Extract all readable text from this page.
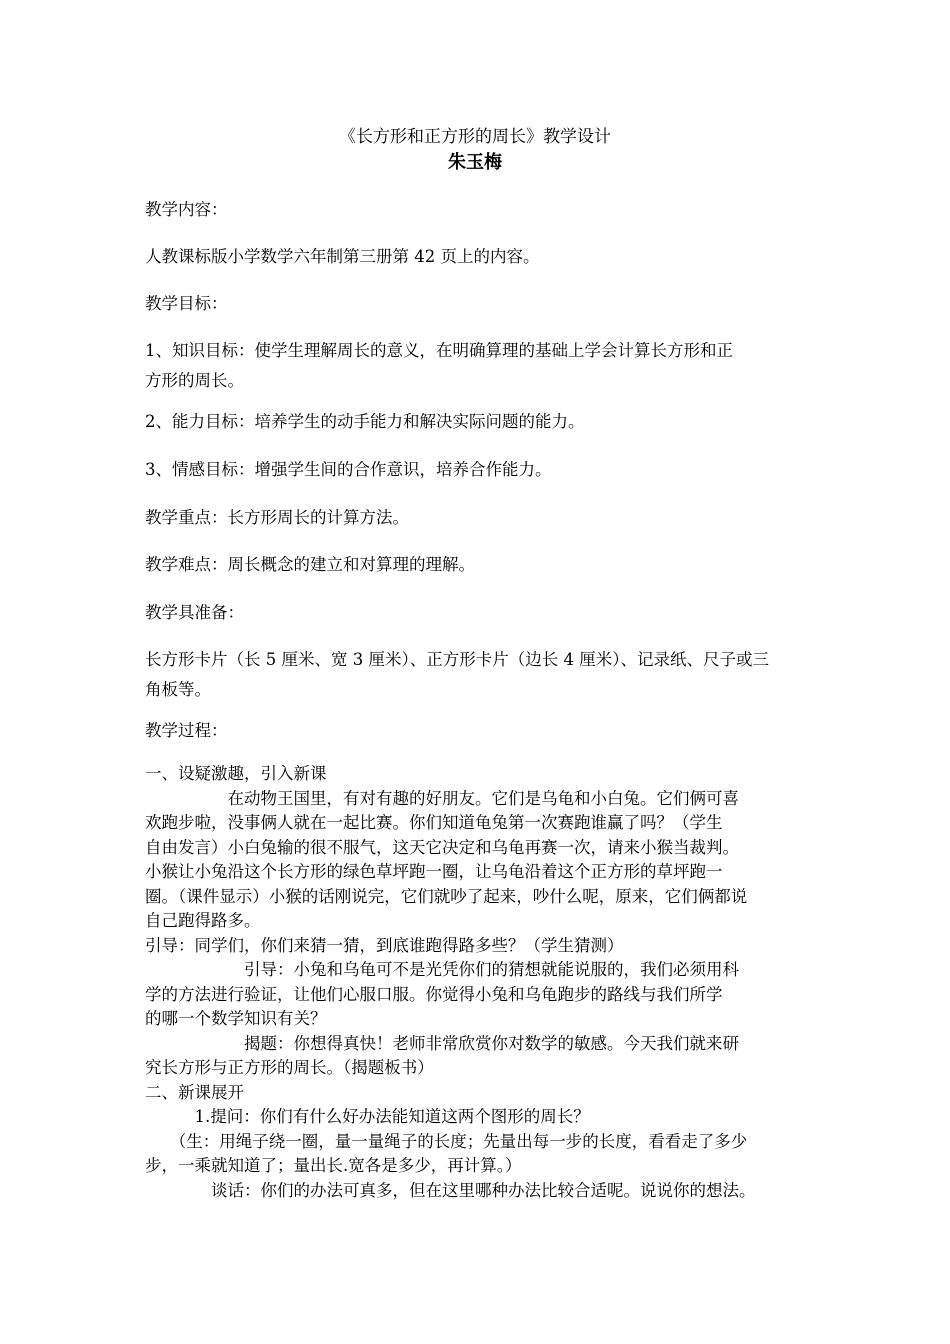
《长方形和正方形的周长》教学设计
朱玉梅
教学内容：
人教课标版小学数学六年制第三册第 42 页上的内容。
教学目标：
1、知识目标：使学生理解周长的意义，在明确算理的基础上学会计算长方形和正
方形的周长。
2、能力目标：培养学生的动手能力和解决实际问题的能力。
3、情感目标：增强学生间的合作意识，培养合作能力。
教学重点：长方形周长的计算方法。
教学难点：周长概念的建立和对算理的理解。
教学具准备：
长方形卡片（长 5 厘米、宽 3 厘米）、正方形卡片（边长 4 厘米）、记录纸、尺子或三
角板等。
教学过程：
一、设疑激趣，引入新课
　　　　　在动物王国里，有对有趣的好朋友。它们是乌龟和小白兔。它们俩可喜
欢跑步啦，没事俩人就在一起比赛。你们知道龟兔第一次赛跑谁赢了吗？（学生
自由发言）小白兔输的很不服气，这天它决定和乌龟再赛一次，请来小猴当裁判。
小猴让小兔沿这个长方形的绿色草坪跑一圈，让乌龟沿着这个正方形的草坪跑一
圈。（课件显示）小猴的话刚说完，它们就吵了起来，吵什么呢，原来，它们俩都说
自己跑得路多。
引导：同学们，你们来猜一猜，到底谁跑得路多些？（学生猜测）
　　　　　　引导：小兔和乌龟可不是光凭你们的猜想就能说服的，我们必须用科
学的方法进行验证，让他们心服口服。你觉得小兔和乌龟跑步的路线与我们所学
的哪一个数学知识有关？
　　　　　　揭题：你想得真快！老师非常欣赏你对数学的敏感。今天我们就来研
究长方形与正方形的周长。（揭题板书）
二、新课展开
　　　1.提问：你们有什么好办法能知道这两个图形的周长？
　　（生：用绳子绕一圈，量一量绳子的长度；先量出每一步的长度，看看走了多少
步，一乘就知道了；量出长.宽各是多少，再计算。）
　　　　谈话：你们的办法可真多，但在这里哪种办法比较合适呢。说说你的想法。
